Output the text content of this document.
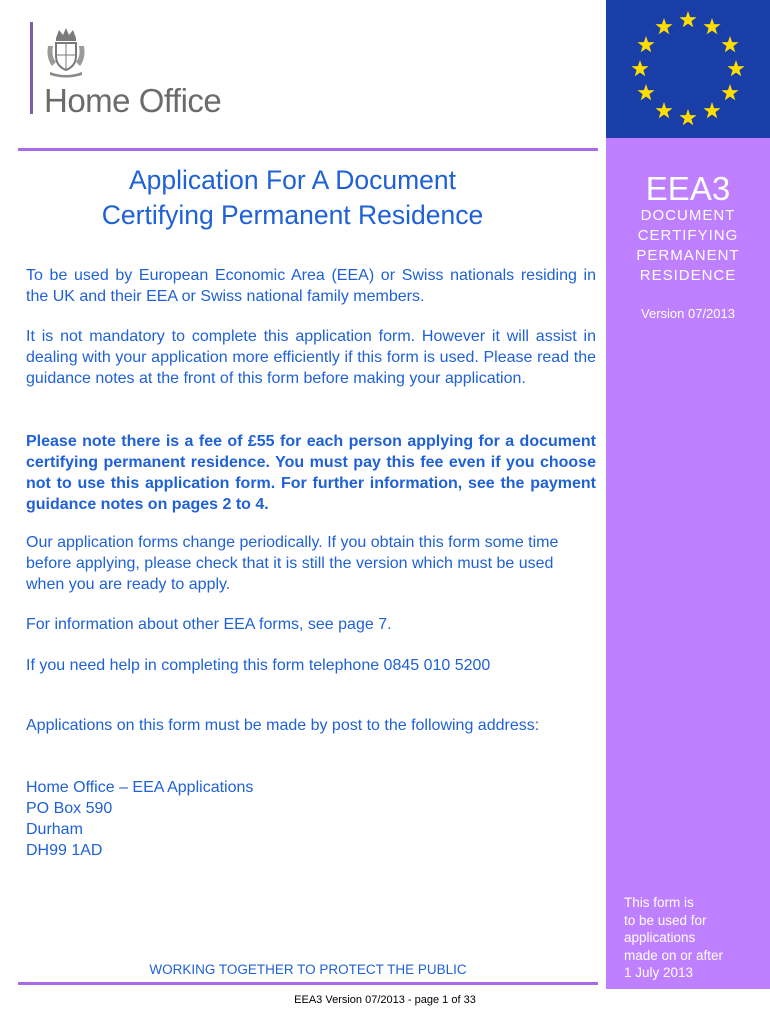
Home Office
EEA3
DOCUMENT
CERTIFYING
PERMANENT
RESIDENCE
Version 07/2013
This form is
to be used for
applications
made on or after
1 July 2013
Application For A Document
Certifying Permanent Residence
To be used by European Economic Area (EEA) or Swiss nationals residing in the UK and their EEA or Swiss national family members.
It is not mandatory to complete this application form. However it will assist in dealing with your application more efficiently if this form is used. Please read the guidance notes at the front of this form before making your application.
Please note there is a fee of £55 for each person applying for a document certifying permanent residence. You must pay this fee even if you choose not to use this application form. For further information, see the payment guidance notes on pages 2 to 4.
Our application forms change periodically. If you obtain this form some time before applying, please check that it is still the version which must be used when you are ready to apply.
For information about other EEA forms, see page 7.
If you need help in completing this form telephone 0845 010 5200
Applications on this form must be made by post to the following address:
Home Office – EEA Applications
PO Box 590
Durham
DH99 1AD
WORKING TOGETHER TO PROTECT THE PUBLIC
EEA3 Version 07/2013 - page 1 of 33
